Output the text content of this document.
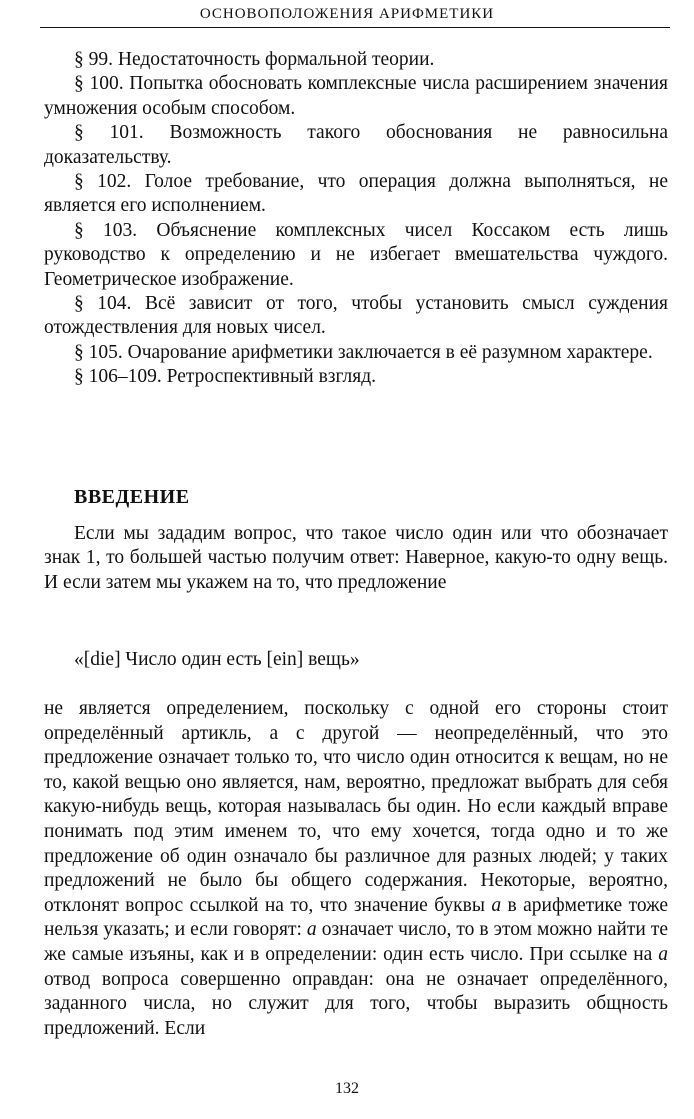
ОСНОВОПОЛОЖЕНИЯ АРИФМЕТИКИ

§ 99. Недостаточность формальной теории.

§ 100. Попытка обосновать комплексные числа расширением значения умножения особым способом.

§ 101. Возможность такого обоснования не равносильна доказательству.

§ 102. Голое требование, что операция должна выполняться, не является его исполнением.

§ 103. Объяснение комплексных чисел Коссаком есть лишь руководство к определению и не избегает вмешательства чуждого. Геометрическое изображение.

§ 104. Всё зависит от того, чтобы установить смысл суждения отождествления для новых чисел.

§ 105. Очарование арифметики заключается в её разумном характере.

§ 106–109. Ретроспективный взгляд.

ВВЕДЕНИЕ

Если мы зададим вопрос, что такое число один или что обозначает знак 1, то большей частью получим ответ: Наверное, какую-то одну вещь. И если затем мы укажем на то, что предложение

«[die] Число один есть [ein] вещь»

не является определением, поскольку с одной его стороны стоит определённый артикль, а с другой — неопределённый, что это предложение означает только то, что число один относится к вещам, но не то, какой вещью оно является, нам, вероятно, предложат выбрать для себя какую-нибудь вещь, которая называлась бы один. Но если каждый вправе понимать под этим именем то, что ему хочется, тогда одно и то же предложение об один означало бы различное для разных людей; у таких предложений не было бы общего содержания. Некоторые, вероятно, отклонят вопрос ссылкой на то, что значение буквы a в арифметике тоже нельзя указать; и если говорят: a означает число, то в этом можно найти те же самые изъяны, как и в определении: один есть число. При ссылке на a отвод вопроса совершенно оправдан: она не означает определённого, заданного числа, но служит для того, чтобы выразить общность предложений. Если

132
